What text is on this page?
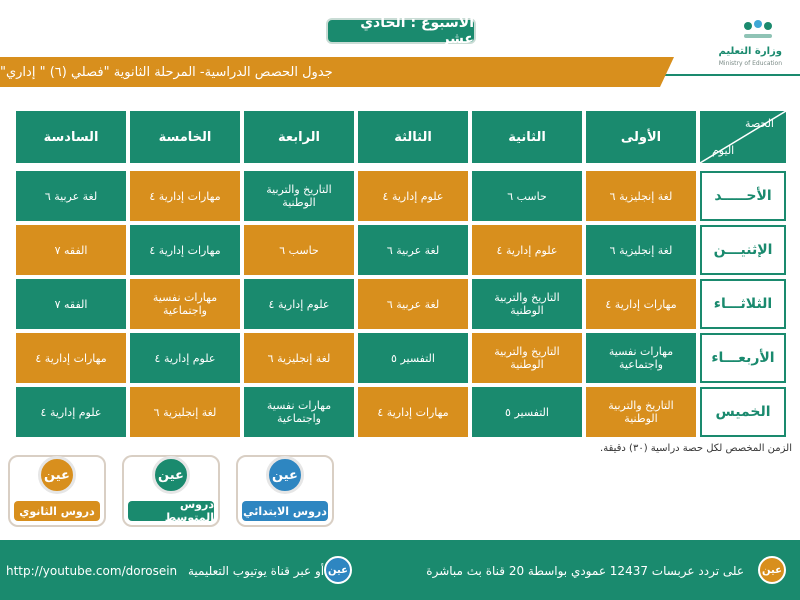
الأسبوع : الحادي عشر
وزارة التعليم
Ministry of Education
جدول الحصص الدراسية- المرحلة الثانوية "فصلي (٦) " إداري"
الحصة
اليوم
الأولى
الثانية
الثالثة
الرابعة
الخامسة
السادسة
الأحـــــد
لغة إنجليزية ٦
حاسب ٦
علوم إدارية ٤
التاريخ والتربية الوطنية
مهارات إدارية ٤
لغة عربية ٦
الإثنيـــن
لغة إنجليزية ٦
علوم إدارية ٤
لغة عربية ٦
حاسب ٦
مهارات إدارية ٤
الفقه ٧
الثلاثـــاء
مهارات إدارية ٤
التاريخ والتربية الوطنية
لغة عربية ٦
علوم إدارية ٤
مهارات نفسية واجتماعية
الفقه ٧
الأربعـــاء
مهارات نفسية واجتماعية
التاريخ والتربية الوطنية
التفسير ٥
لغة إنجليزية ٦
علوم إدارية ٤
مهارات إدارية ٤
الخميس
التاريخ والتربية الوطنية
التفسير ٥
مهارات إدارية ٤
مهارات نفسية واجتماعية
لغة إنجليزية ٦
علوم إدارية ٤
الزمن المخصص لكل حصة دراسية (٣٠) دقيقة.
عين
دروس الابتدائي
عين
دروس المتوسط
عين
دروس الثانوي
عين
http://youtube.com/dorosein أو عبر قناة يوتيوب التعليمية	على تردد عربسات 12437 عمودي بواسطة 20 قناة بث مباشرة	عين
